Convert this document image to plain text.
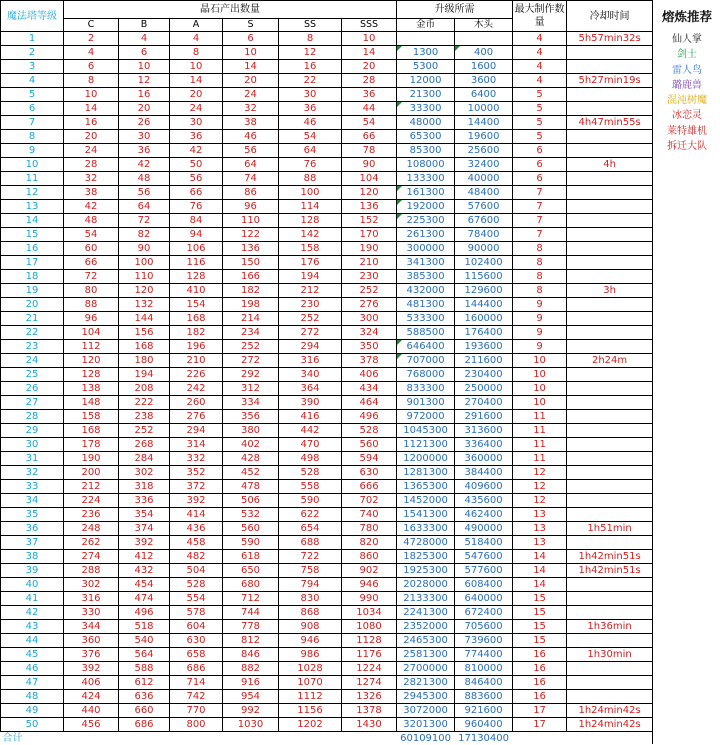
魔法塔等级	晶石产出数量						升级所需		最大制作数量	冷却时间
	C	B	A	S	SS	SSS	金币	木头		
1	2	4	4	6	8	10			4	5h57min32s
2	4	6	8	10	12	14	1300	400	4	
3	6	10	10	14	16	20	5300	1600	4	
4	8	12	14	20	22	28	12000	3600	4	5h27min19s
5	10	16	20	24	30	36	21300	6400	5	
6	14	20	24	32	36	44	33300	10000	5	
7	16	26	30	38	46	54	48000	14400	5	4h47min55s
8	20	30	36	46	54	66	65300	19600	5	
9	24	36	42	56	64	78	85300	25600	6	
10	28	42	50	64	76	90	108000	32400	6	4h
11	32	48	56	74	88	104	133300	40000	6	
12	38	56	66	86	100	120	161300	48400	7	
13	42	64	76	96	114	136	192000	57600	7	
14	48	72	84	110	128	152	225300	67600	7	
15	54	82	94	122	142	170	261300	78400	7	
16	60	90	106	136	158	190	300000	90000	8	
17	66	100	116	150	176	210	341300	102400	8	
18	72	110	128	166	194	230	385300	115600	8	
19	80	120	410	182	212	252	432000	129600	8	3h
20	88	132	154	198	230	276	481300	144400	9	
21	96	144	168	214	252	300	533300	160000	9	
22	104	156	182	234	272	324	588500	176400	9	
23	112	168	196	252	294	350	646400	193600	9	
24	120	180	210	272	316	378	707000	211600	10	2h24m
25	128	194	226	292	340	406	768000	230400	10	
26	138	208	242	312	364	434	833300	250000	10	
27	148	222	260	334	390	464	901300	270400	10	
28	158	238	276	356	416	496	972000	291600	11	
29	168	252	294	380	442	528	1045300	313600	11	
30	178	268	314	402	470	560	1121300	336400	11	
31	190	284	332	428	498	594	1200000	360000	11	
32	200	302	352	452	528	630	1281300	384400	12	
33	212	318	372	478	558	666	1365300	409600	12	
34	224	336	392	506	590	702	1452000	435600	12	
35	236	354	414	532	622	740	1541300	462400	13	
36	248	374	436	560	654	780	1633300	490000	13	1h51min
37	262	392	458	590	688	820	4728000	518400	13	
38	274	412	482	618	722	860	1825300	547600	14	1h42min51s
39	288	432	504	650	758	902	1925300	577600	14	1h42min51s
40	302	454	528	680	794	946	2028000	608400	14	
41	316	474	554	712	830	990	2133300	640000	15	
42	330	496	578	744	868	1034	2241300	672400	15	
43	344	518	604	778	908	1080	2352000	705600	15	1h36min
44	360	540	630	812	946	1128	2465300	739600	15	
45	376	564	658	846	986	1176	2581300	774400	16	1h30min
46	392	588	686	882	1028	1224	2700000	810000	16	
47	406	612	714	916	1070	1274	2821300	846400	16	
48	424	636	742	954	1112	1326	2945300	883600	16	
49	440	660	770	992	1156	1378	3072000	921600	17	1h24min42s
50	456	686	800	1030	1202	1430	3201300	960400	17	1h24min42s
合计							60109100	17130400		
熔炼推荐
仙人掌
剑士
雷人鸟
璐鹿兽
混沌树魔
冰恋灵
莱特雄机
拆迁大队
